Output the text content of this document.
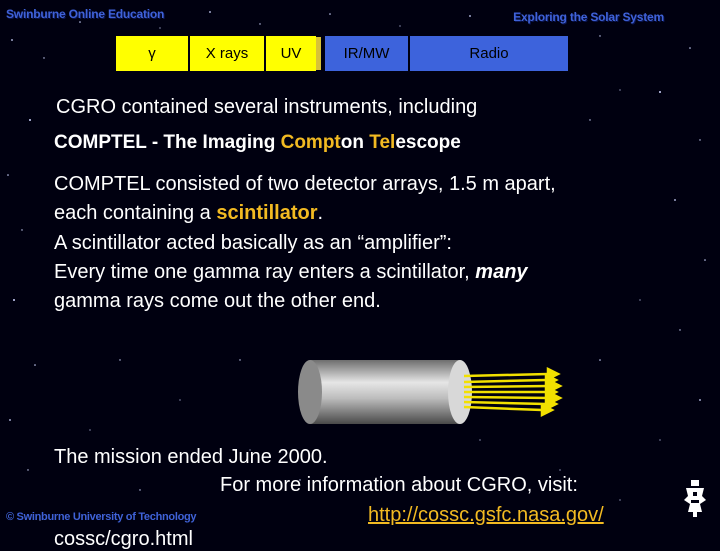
Swinburne Online Education	Exploring the Solar System
γ	X rays	UV	IR/MW	Radio
CGRO contained several instruments, including
COMPTEL - The Imaging Compton Telescope
COMPTEL consisted of two detector arrays, 1.5 m apart,
each containing a scintillator.
A scintillator acted basically as an “amplifier”:
Every time one gamma ray enters a scintillator, many
gamma rays come out the other end.
The mission ended June 2000.
For more information about CGRO, visit:
© Swinburne University of Technology	http://cossc.gsfc.nasa.gov/
cossc/cgro.html
